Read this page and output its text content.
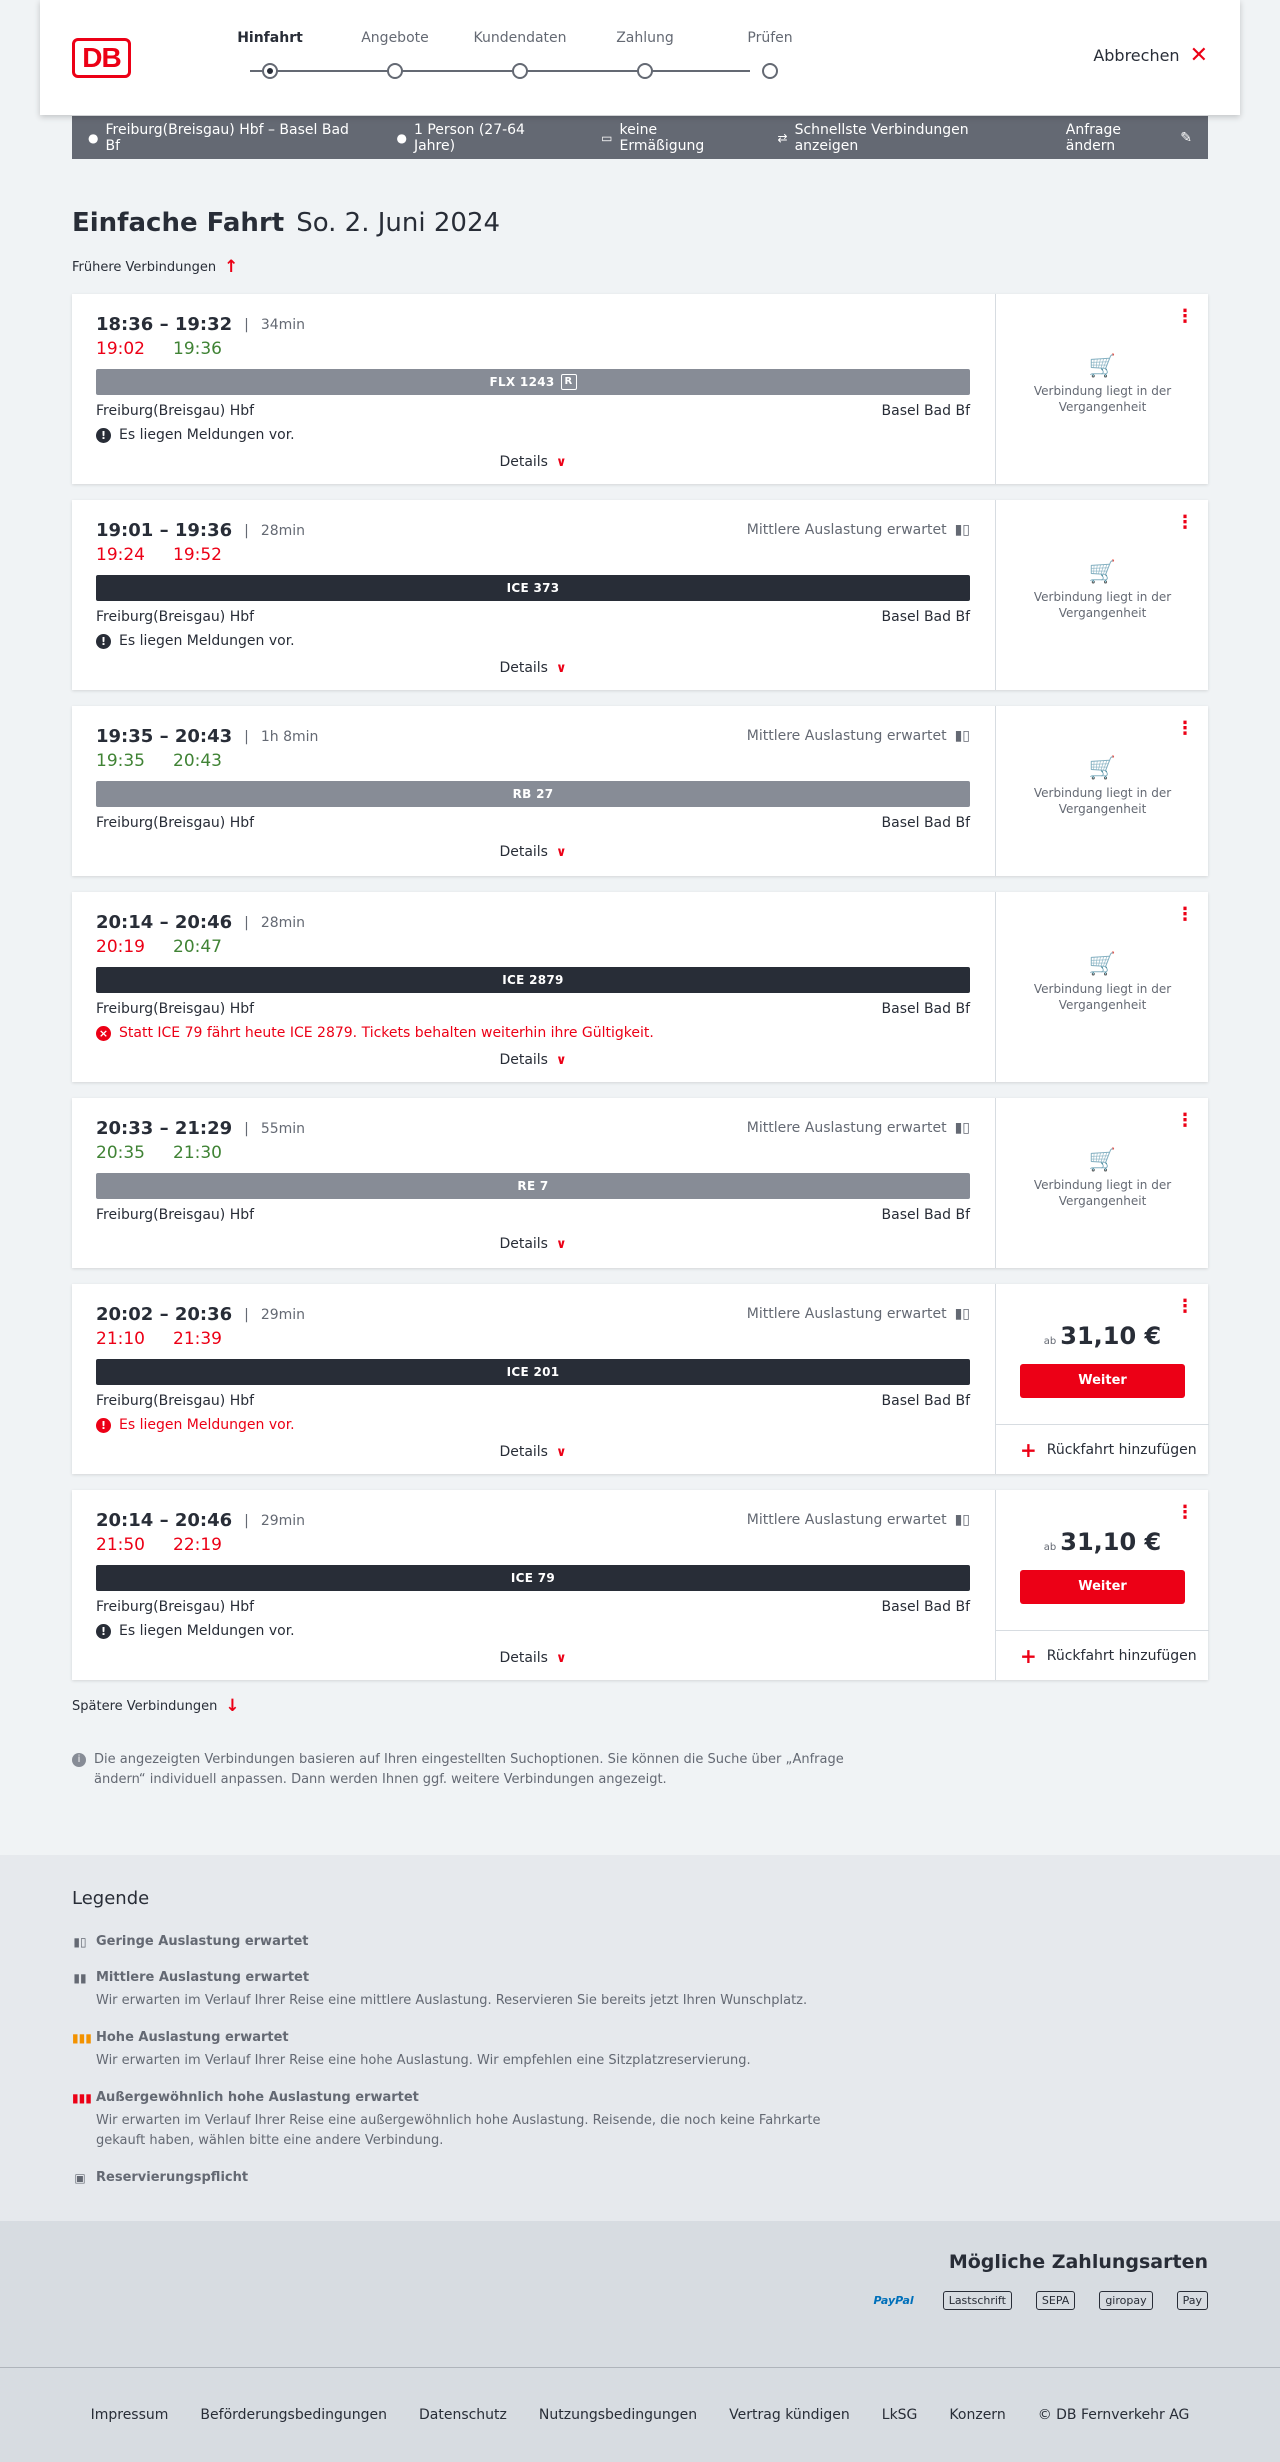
DB
Hinfahrt	Angebote	Kundendaten	Zahlung	Prüfen
Abbrechen ✕
● Freiburg(Breisgau) Hbf – Basel Bad Bf	● 1 Person (27-64 Jahre)	▭ keine Ermäßigung	⇄ Schnellste Verbindungen anzeigen
Anfrage ändern	✎
Einfache Fahrt So. 2. Juni 2024
Frühere Verbindungen ↑
18:36 – 19:32 | 34min
19:02 19:36
FLX 1243 R
Freiburg(Breisgau) Hbf	Basel Bad Bf
! Es liegen Meldungen vor.
Details ∨
⋮
🛒
Verbindung liegt in der Vergangenheit
19:01 – 19:36 | 28min	Mittlere Auslastung erwartet ▮▯
19:24 19:52
ICE 373
Freiburg(Breisgau) Hbf	Basel Bad Bf
! Es liegen Meldungen vor.
Details ∨
⋮
🛒
Verbindung liegt in der Vergangenheit
19:35 – 20:43 | 1h 8min	Mittlere Auslastung erwartet ▮▯
19:35 20:43
RB 27
Freiburg(Breisgau) Hbf	Basel Bad Bf
Details ∨
⋮
🛒
Verbindung liegt in der Vergangenheit
20:14 – 20:46 | 28min
20:19 20:47
ICE 2879
Freiburg(Breisgau) Hbf	Basel Bad Bf
× Statt ICE 79 fährt heute ICE 2879. Tickets behalten weiterhin ihre Gültigkeit.
Details ∨
⋮
🛒
Verbindung liegt in der Vergangenheit
20:33 – 21:29 | 55min	Mittlere Auslastung erwartet ▮▯
20:35 21:30
RE 7
Freiburg(Breisgau) Hbf	Basel Bad Bf
Details ∨
⋮
🛒
Verbindung liegt in der Vergangenheit
20:02 – 20:36 | 29min	Mittlere Auslastung erwartet ▮▯
21:10 21:39
ICE 201
Freiburg(Breisgau) Hbf	Basel Bad Bf
! Es liegen Meldungen vor.
Details ∨
⋮
ab 31,10 €
Weiter
+ Rückfahrt hinzufügen
20:14 – 20:46 | 29min	Mittlere Auslastung erwartet ▮▯
21:50 22:19
ICE 79
Freiburg(Breisgau) Hbf	Basel Bad Bf
! Es liegen Meldungen vor.
Details ∨
⋮
ab 31,10 €
Weiter
+ Rückfahrt hinzufügen
Spätere Verbindungen ↓
i	Die angezeigten Verbindungen basieren auf Ihren eingestellten Suchoptionen. Sie können die Suche über „Anfrage ändern“ individuell anpassen. Dann werden Ihnen ggf. weitere Verbindungen angezeigt.
Legende
▮▯ Geringe Auslastung erwartet
▮▮ Mittlere Auslastung erwartet
Wir erwarten im Verlauf Ihrer Reise eine mittlere Auslastung. Reservieren Sie bereits jetzt Ihren Wunschplatz.
▮▮▮ Hohe Auslastung erwartet
Wir erwarten im Verlauf Ihrer Reise eine hohe Auslastung. Wir empfehlen eine Sitzplatzreservierung.
▮▮▮ Außergewöhnlich hohe Auslastung erwartet
Wir erwarten im Verlauf Ihrer Reise eine außergewöhnlich hohe Auslastung. Reisende, die noch keine Fahrkarte gekauft haben, wählen bitte eine andere Verbindung.
▣ Reservierungspflicht
Mögliche Zahlungsarten
PayPal	Lastschrift	SEPA	giropay	Pay
Impressum Beförderungsbedingungen Datenschutz Nutzungsbedingungen Vertrag kündigen LkSG Konzern © DB Fernverkehr AG
